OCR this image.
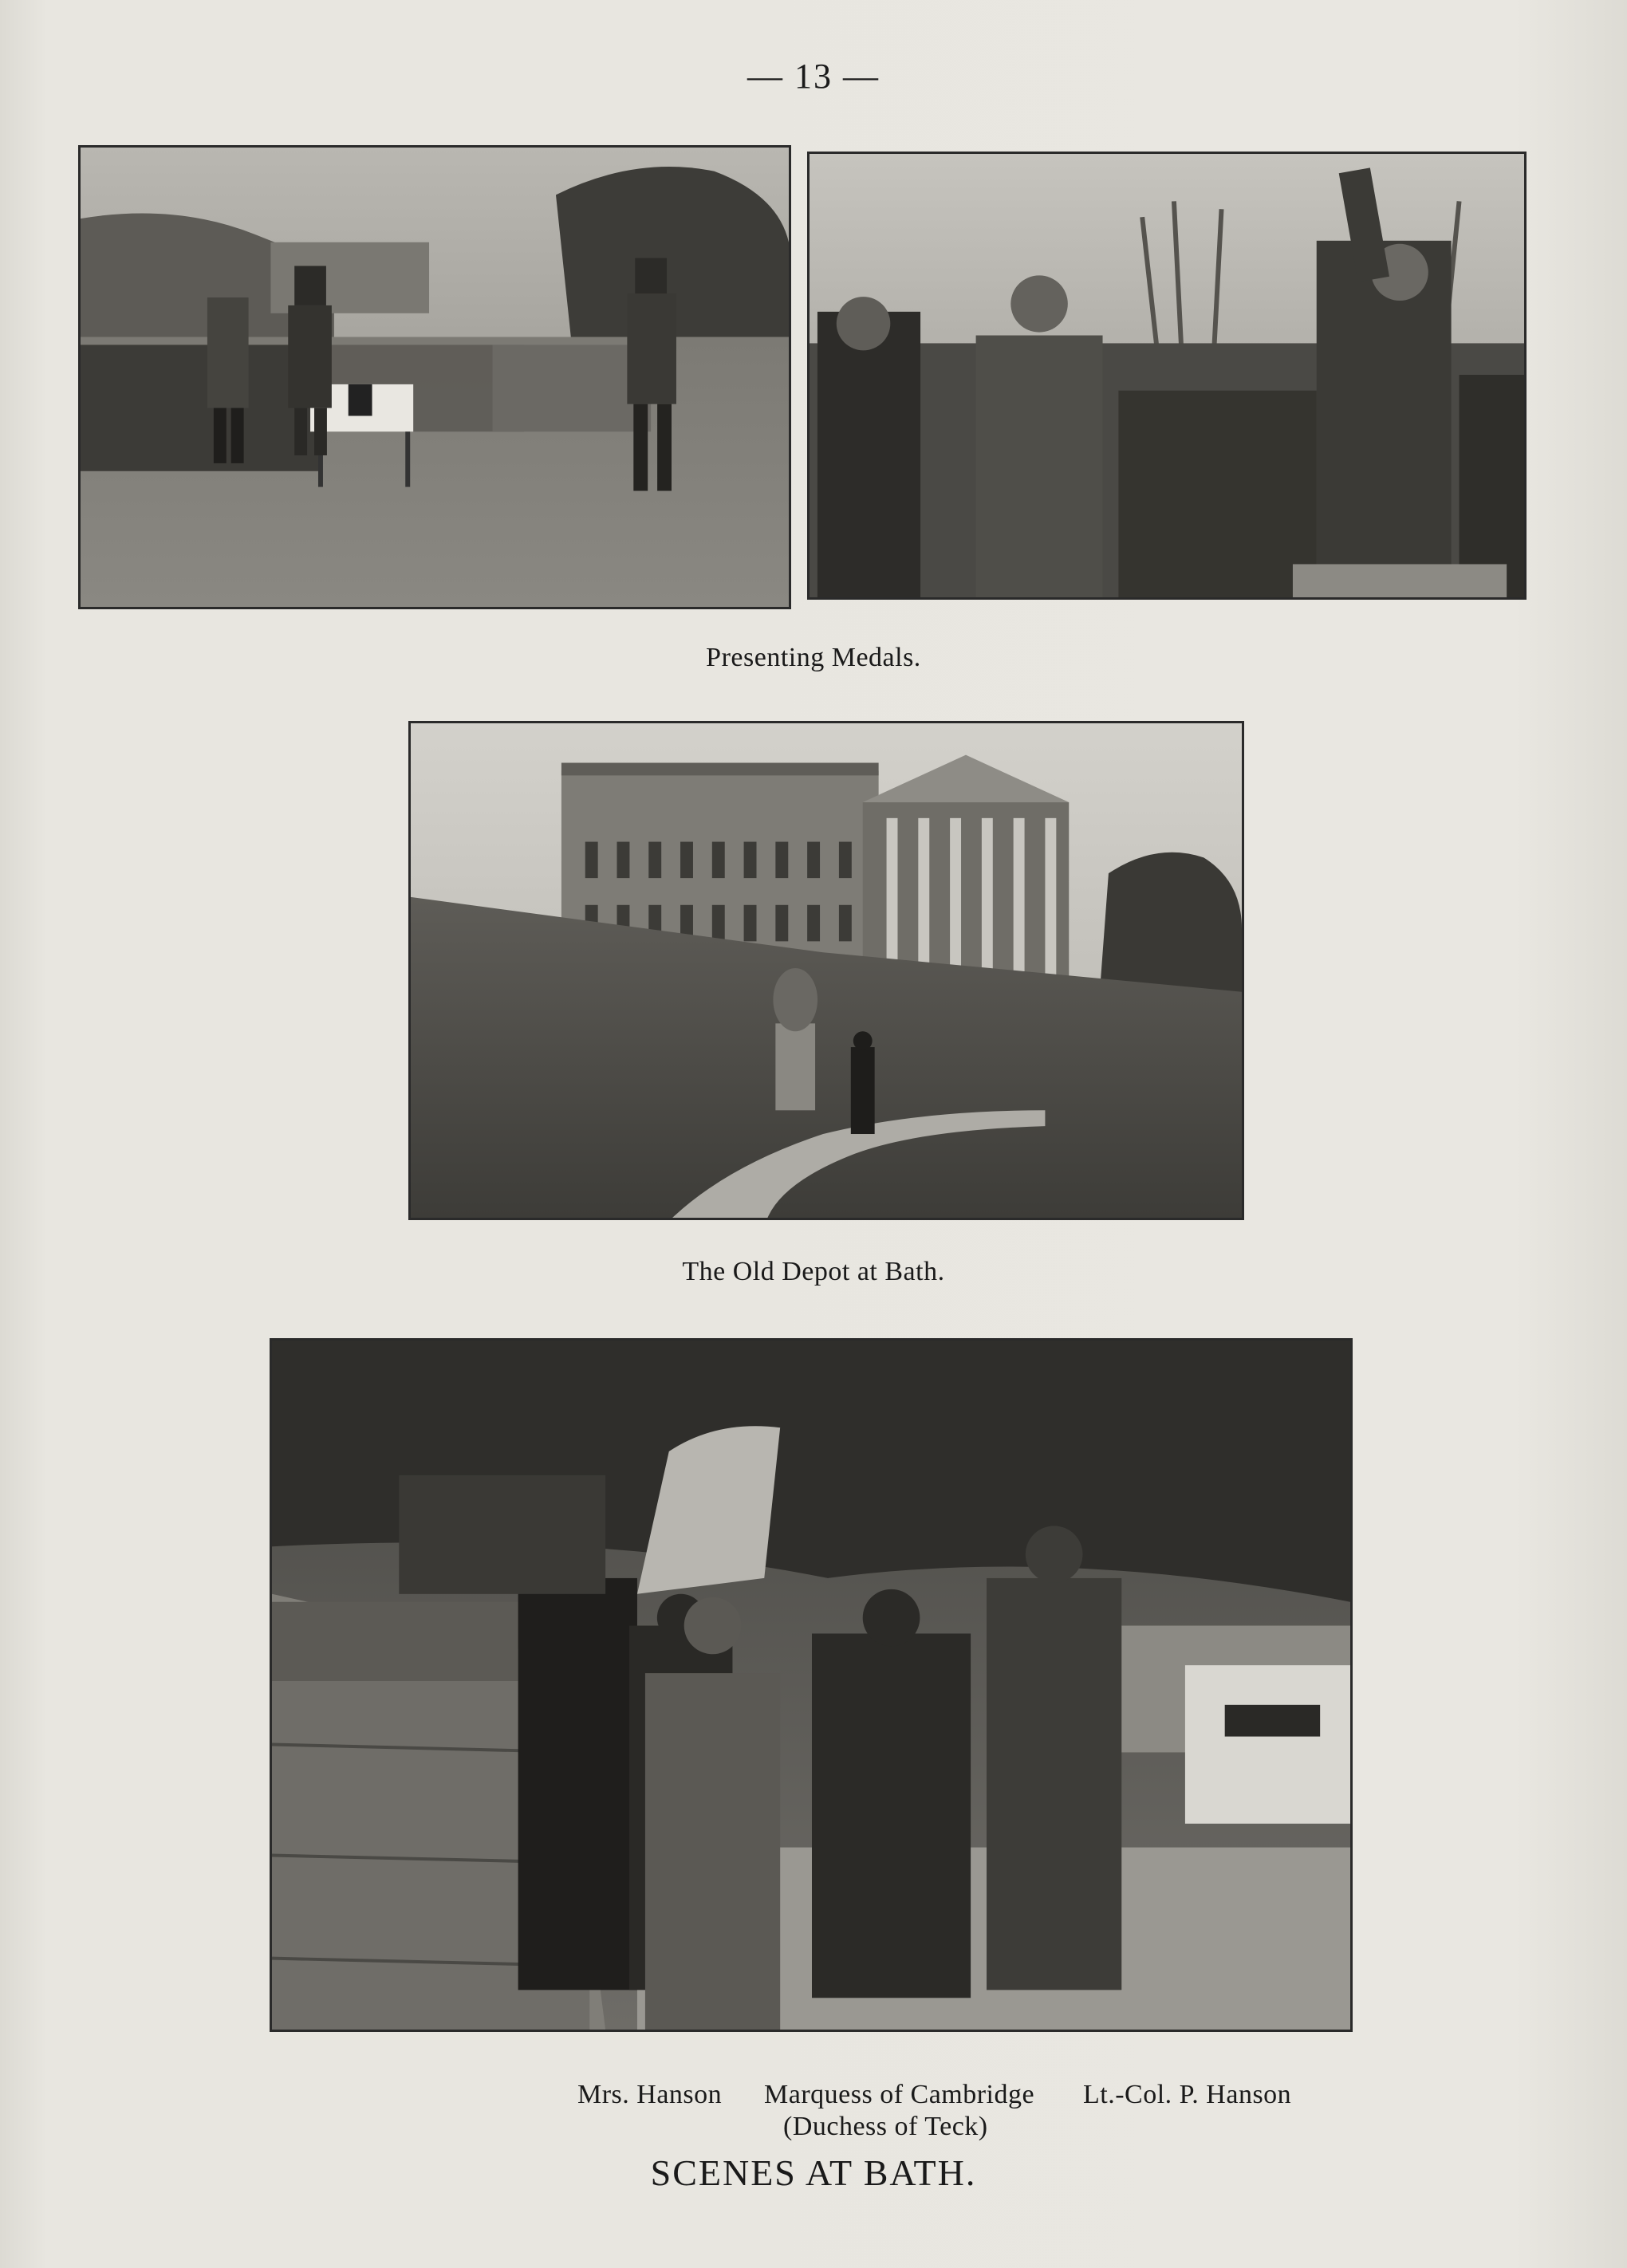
— 13 —
Presenting Medals.
The Old Depot at Bath.
Mrs. Hanson Marquess of Cambridge
(Duchess of Teck)
Lt.-Col. P. Hanson
SCENES AT BATH.
